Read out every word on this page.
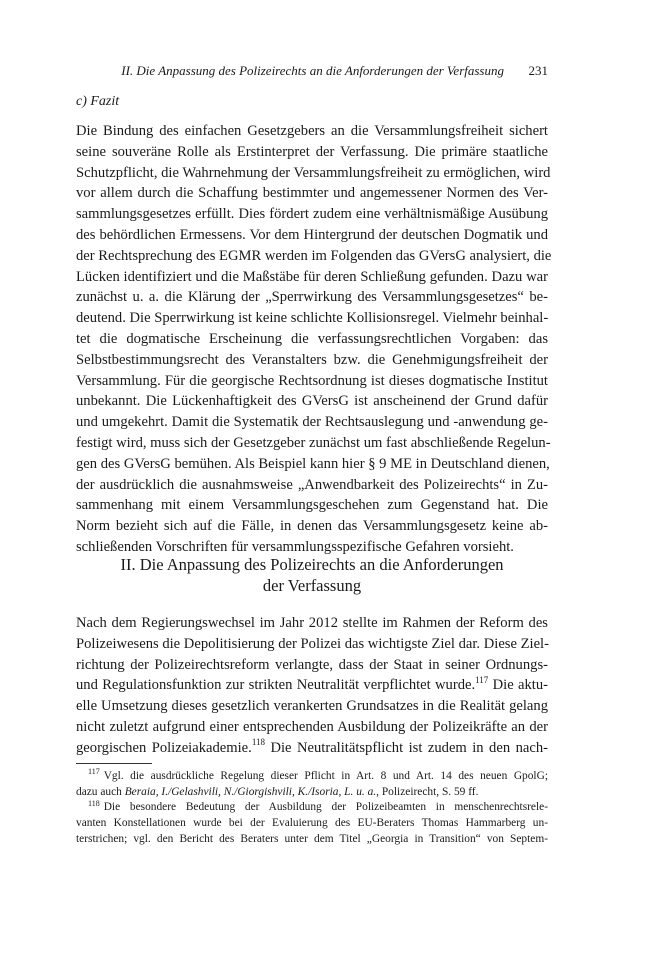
II. Die Anpassung des Polizeirechts an die Anforderungen der Verfassung 231
c) Fazit

Die Bindung des einfachen Gesetzgebers an die Versammlungsfreiheit sichert
seine souveräne Rolle als Erstinterpret der Verfassung. Die primäre staatliche
Schutzpflicht, die Wahrnehmung der Versammlungsfreiheit zu ermöglichen, wird
vor allem durch die Schaffung bestimmter und angemessener Normen des Ver-
sammlungsgesetzes erfüllt. Dies fördert zudem eine verhältnismäßige Ausübung
des behördlichen Ermessens. Vor dem Hintergrund der deutschen Dogmatik und
der Rechtsprechung des EGMR werden im Folgenden das GVersG analysiert, die
Lücken identifiziert und die Maßstäbe für deren Schließung gefunden. Dazu war
zunächst u. a. die Klärung der „Sperrwirkung des Versammlungsgesetzes“ be-
deutend. Die Sperrwirkung ist keine schlichte Kollisionsregel. Vielmehr beinhal-
tet die dogmatische Erscheinung die verfassungsrechtlichen Vorgaben: das
Selbstbestimmungsrecht des Veranstalters bzw. die Genehmigungsfreiheit der
Versammlung. Für die georgische Rechtsordnung ist dieses dogmatische Institut
unbekannt. Die Lückenhaftigkeit des GVersG ist anscheinend der Grund dafür
und umgekehrt. Damit die Systematik der Rechtsauslegung und -anwendung ge-
festigt wird, muss sich der Gesetzgeber zunächst um fast abschließende Regelun-
gen des GVersG bemühen. Als Beispiel kann hier § 9 ME in Deutschland dienen,
der ausdrücklich die ausnahmsweise „Anwendbarkeit des Polizeirechts“ in Zu-
sammenhang mit einem Versammlungsgeschehen zum Gegenstand hat. Die
Norm bezieht sich auf die Fälle, in denen das Versammlungsgesetz keine ab-
schließenden Vorschriften für versammlungsspezifische Gefahren vorsieht.

II. Die Anpassung des Polizeirechts an die Anforderungen
der Verfassung

Nach dem Regierungswechsel im Jahr 2012 stellte im Rahmen der Reform des
Polizeiwesens die Depolitisierung der Polizei das wichtigste Ziel dar. Diese Ziel-
richtung der Polizeirechtsreform verlangte, dass der Staat in seiner Ordnungs-
und Regulationsfunktion zur strikten Neutralität verpflichtet wurde.$^{117}$ Die aktu-
elle Umsetzung dieses gesetzlich verankerten Grundsatzes in die Realität gelang
nicht zuletzt aufgrund einer entsprechenden Ausbildung der Polizeikräfte an der
georgischen Polizeiakademie.$^{118}$ Die Neutralitätspflicht ist zudem in den nach-

$^{117}$ Vgl. die ausdrückliche Regelung dieser Pflicht in Art. 8 und Art. 14 des neuen GpolG;
dazu auch Beraia, I./Gelashvili, N./Giorgishvili, K./Isoria, L. u. a., Polizeirecht, S. 59 ff.
$^{118}$ Die besondere Bedeutung der Ausbildung der Polizeibeamten in menschenrechtsrele-
vanten Konstellationen wurde bei der Evaluierung des EU-Beraters Thomas Hammarberg un-
terstrichen; vgl. den Bericht des Beraters unter dem Titel „Georgia in Transition“ von Septem-
